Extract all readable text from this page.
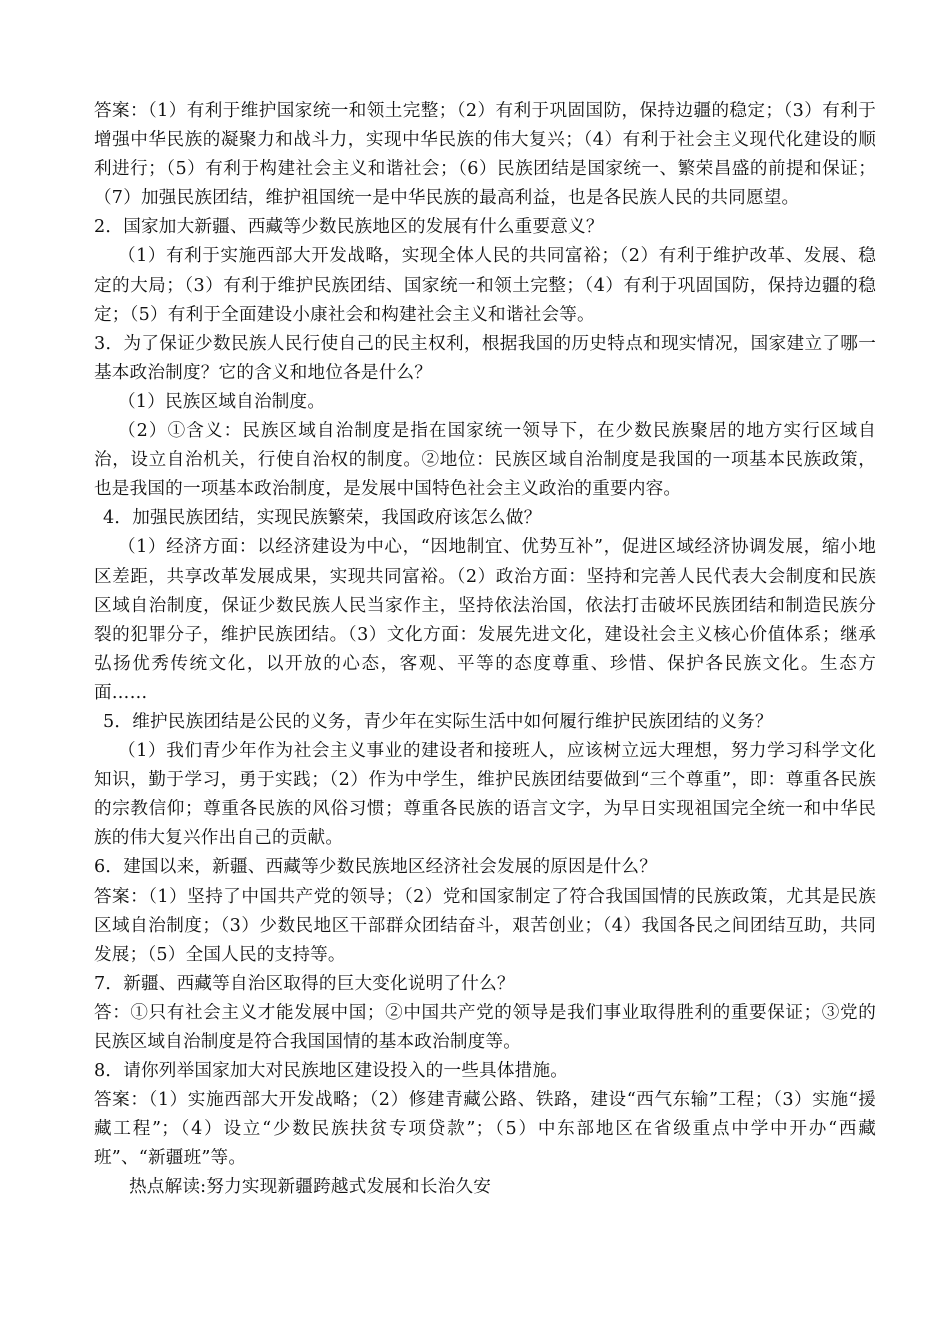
答案：（1）有利于维护国家统一和领土完整；（2）有利于巩固国防，保持边疆的稳定；（3）有利于增强中华民族的凝聚力和战斗力，实现中华民族的伟大复兴；（4）有利于社会主义现代化建设的顺利进行；（5）有利于构建社会主义和谐社会；（6）民族团结是国家统一、繁荣昌盛的前提和保证；（7）加强民族团结，维护祖国统一是中华民族的最高利益，也是各民族人民的共同愿望。

2．国家加大新疆、西藏等少数民族地区的发展有什么重要意义？

（1）有利于实施西部大开发战略，实现全体人民的共同富裕；（2）有利于维护改革、发展、稳定的大局；（3）有利于维护民族团结、国家统一和领土完整；（4）有利于巩固国防，保持边疆的稳定；（5）有利于全面建设小康社会和构建社会主义和谐社会等。

3．为了保证少数民族人民行使自己的民主权利，根据我国的历史特点和现实情况，国家建立了哪一基本政治制度？它的含义和地位各是什么？

（1）民族区域自治制度。

（2）①含义：民族区域自治制度是指在国家统一领导下，在少数民族聚居的地方实行区域自治，设立自治机关，行使自治权的制度。②地位：民族区域自治制度是我国的一项基本民族政策，也是我国的一项基本政治制度，是发展中国特色社会主义政治的重要内容。

4．加强民族团结，实现民族繁荣，我国政府该怎么做？

（1）经济方面：以经济建设为中心，“因地制宜、优势互补”，促进区域经济协调发展，缩小地区差距，共享改革发展成果，实现共同富裕。（2）政治方面：坚持和完善人民代表大会制度和民族区域自治制度，保证少数民族人民当家作主，坚持依法治国，依法打击破坏民族团结和制造民族分裂的犯罪分子，维护民族团结。（3）文化方面：发展先进文化，建设社会主义核心价值体系；继承弘扬优秀传统文化，以开放的心态，客观、平等的态度尊重、珍惜、保护各民族文化。生态方面……

5．维护民族团结是公民的义务，青少年在实际生活中如何履行维护民族团结的义务？

（1）我们青少年作为社会主义事业的建设者和接班人，应该树立远大理想，努力学习科学文化知识，勤于学习，勇于实践；（2）作为中学生，维护民族团结要做到“三个尊重”，即：尊重各民族的宗教信仰；尊重各民族的风俗习惯；尊重各民族的语言文字，为早日实现祖国完全统一和中华民族的伟大复兴作出自己的贡献。

6．建国以来，新疆、西藏等少数民族地区经济社会发展的原因是什么？

答案：（1）坚持了中国共产党的领导；（2）党和国家制定了符合我国国情的民族政策，尤其是民族区域自治制度；（3）少数民地区干部群众团结奋斗，艰苦创业；（4）我国各民之间团结互助，共同发展；（5）全国人民的支持等。

7．新疆、西藏等自治区取得的巨大变化说明了什么？

答：①只有社会主义才能发展中国；②中国共产党的领导是我们事业取得胜利的重要保证；③党的民族区域自治制度是符合我国国情的基本政治制度等。

8．请你列举国家加大对民族地区建设投入的一些具体措施。

答案：（1）实施西部大开发战略；（2）修建青藏公路、铁路，建设“西气东输”工程；（3）实施“援藏工程”；（4）设立“少数民族扶贫专项贷款”；（5）中东部地区在省级重点中学中开办“西藏班”、“新疆班”等。

热点解读:努力实现新疆跨越式发展和长治久安
